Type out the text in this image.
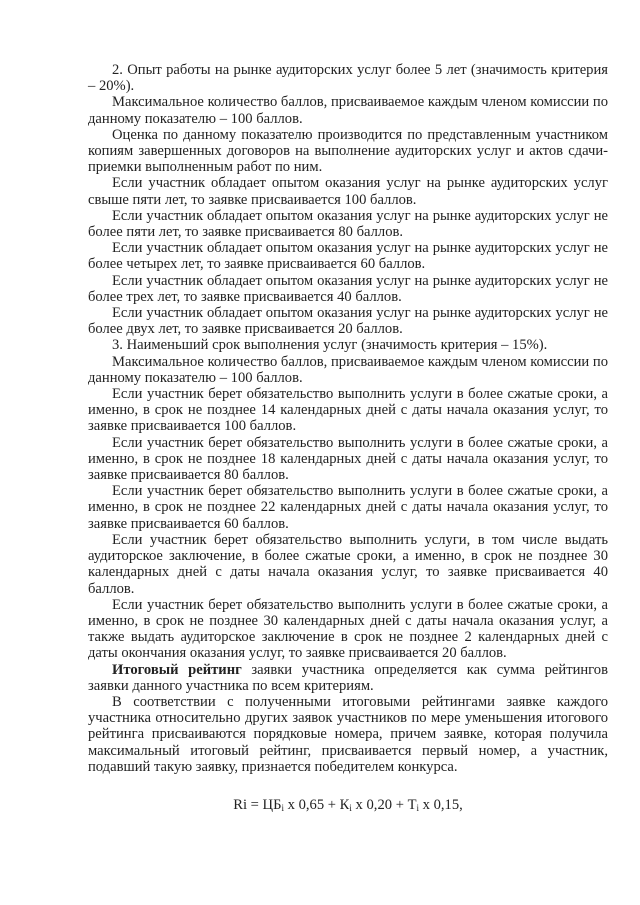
2. Опыт работы на рынке аудиторских услуг более 5 лет (значимость критерия – 20%).

Максимальное количество баллов, присваиваемое каждым членом комиссии по данному показателю – 100 баллов.

Оценка по данному показателю производится по представленным участником копиям завершенных договоров на выполнение аудиторских услуг и актов сдачи-приемки выполненным работ по ним.

Если участник обладает опытом оказания услуг на рынке аудиторских услуг свыше пяти лет, то заявке присваивается 100 баллов.

Если участник обладает опытом оказания услуг на рынке аудиторских услуг не более пяти лет, то заявке присваивается 80 баллов.

Если участник обладает опытом оказания услуг на рынке аудиторских услуг не более четырех лет, то заявке присваивается 60 баллов.

Если участник обладает опытом оказания услуг на рынке аудиторских услуг не более трех лет, то заявке присваивается 40 баллов.

Если участник обладает опытом оказания услуг на рынке аудиторских услуг не более двух лет, то заявке присваивается 20 баллов.

3. Наименьший срок выполнения услуг (значимость критерия – 15%).

Максимальное количество баллов, присваиваемое каждым членом комиссии по данному показателю – 100 баллов.

Если участник берет обязательство выполнить услуги в более сжатые сроки, а именно, в срок не позднее 14 календарных дней с даты начала оказания услуг, то заявке присваивается 100 баллов.

Если участник берет обязательство выполнить услуги в более сжатые сроки, а именно, в срок не позднее 18 календарных дней с даты начала оказания услуг, то заявке присваивается 80 баллов.

Если участник берет обязательство выполнить услуги в более сжатые сроки, а именно, в срок не позднее 22 календарных дней с даты начала оказания услуг, то заявке присваивается 60 баллов.

Если участник берет обязательство выполнить услуги, в том числе выдать аудиторское заключение, в более сжатые сроки, а именно, в срок не позднее 30 календарных дней с даты начала оказания услуг, то заявке присваивается 40 баллов.

Если участник берет обязательство выполнить услуги в более сжатые сроки, а именно, в срок не позднее 30 календарных дней с даты начала оказания услуг, а также выдать аудиторское заключение в срок не позднее 2 календарных дней с даты окончания оказания услуг, то заявке присваивается 20 баллов.

Итоговый рейтинг заявки участника определяется как сумма рейтингов заявки данного участника по всем критериям.

В соответствии с полученными итоговыми рейтингами заявке каждого участника относительно других заявок участников по мере уменьшения итогового рейтинга присваиваются порядковые номера, причем заявке, которая получила максимальный итоговый рейтинг, присваивается первый номер, а участник, подавший такую заявку, признается победителем конкурса.

$Ri = ЦБ_i$ х $0,65 + К_i$ х $0,20 + Т_i$ х 0,15,
